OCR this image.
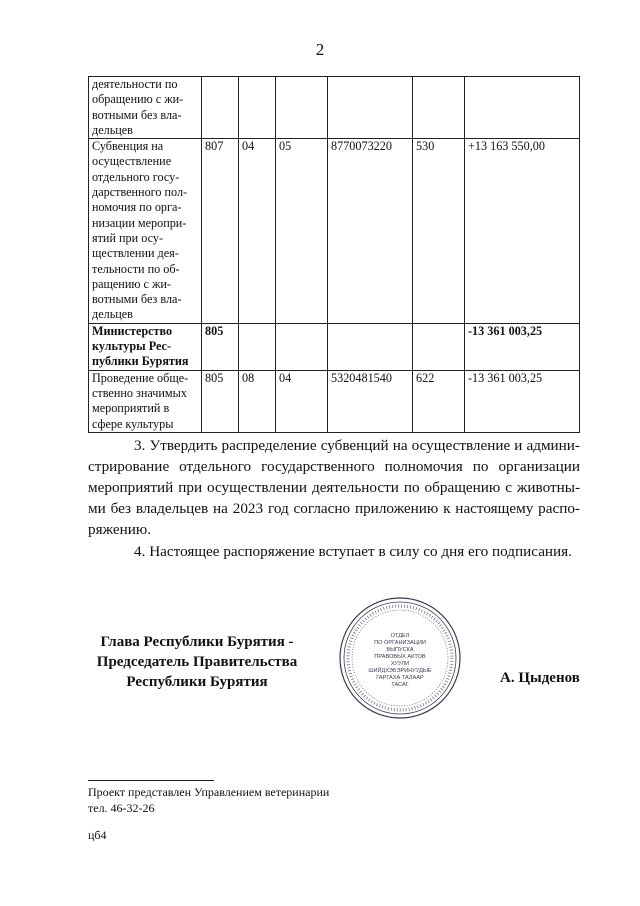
2
деятельности по обращению с жи-вотными без вла-дельцев						
Субвенция на осуществление отдельного госу-дарственного пол-номочия по орга-низации меропри-ятий при осу-ществлении дея-тельности по об-ращению с жи-вотными без вла-дельцев	807	04	05	8770073220	530	+13 163 550,00
Министерство культуры Рес-публики Бурятия	805					-13 361 003,25
Проведение обще-ственно значимых мероприятий в сфере культуры	805	08	04	5320481540	622	-13 361 003,25

3. Утвердить распределение субвенций на осуществление и админи-стрирование отдельного государственного полномочия по организации мероприятий при осуществлении деятельности по обращению с животны-ми без владельцев на 2023 год согласно приложению к настоящему распо-ряжению.

4. Настоящее распоряжение вступает в силу со дня его подписания.

Глава Республики Бурятия -
Председатель Правительства
Республики Бурятия
ОТДЕЛ
ПО ОРГАНИЗАЦИИ
ВЫПУСКА
ПРАВОВЫХ АКТОВ
ХУУЛИ
ШИЙДХЭБЭРИНУУДЫЕ
ГАРГАХА ТАЛААР
ТАСАГ	А. Цыденов
Проект представлен Управлением ветеринарии
тел. 46-32-26
цб4
